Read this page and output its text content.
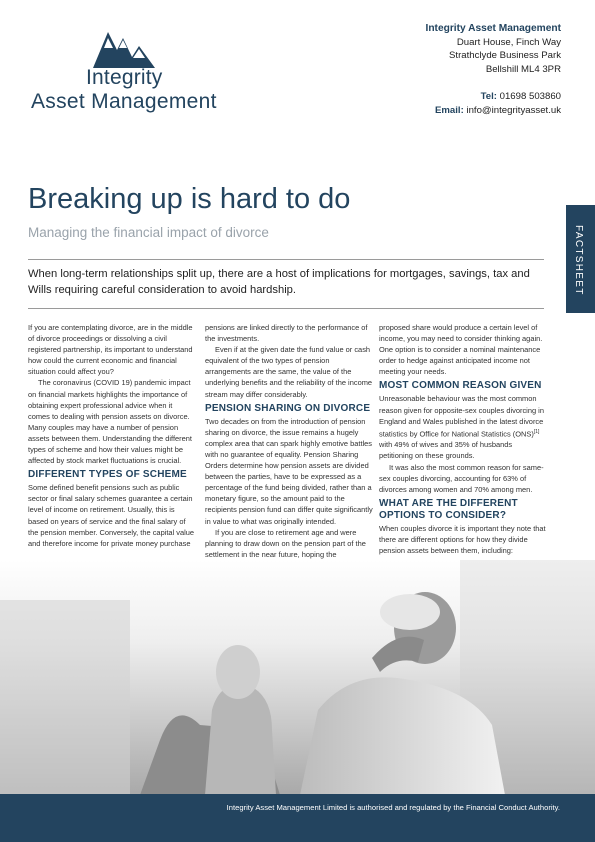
Integrity
Asset Management
Integrity Asset Management
Duart House, Finch Way
Strathclyde Business Park
Bellshill ML4 3PR
Tel: 01698 503860
Email: info@integrityasset.uk
Breaking up is hard to do
Managing the financial impact of divorce	FACTSHEET
When long-term relationships split up, there are a host of implications for mortgages, savings, tax and Wills requiring careful consideration to avoid hardship.

If you are contemplating divorce, are in the middle of divorce proceedings or dissolving a civil registered partnership, its important to understand how could the current economic and financial situation could affect you?

The coronavirus (COVID 19) pandemic impact on financial markets highlights the importance of obtaining expert professional advice when it comes to dealing with pension assets on divorce. Many couples may have a number of pension assets between them. Understanding the different types of scheme and how their values might be affected by stock market fluctuations is crucial.

DIFFERENT TYPES OF SCHEME

Some defined benefit pensions such as public sector or final salary schemes guarantee a certain level of income on retirement. Usually, this is based on years of service and the final salary of the pension member. Conversely, the capital value and therefore income for private money purchase

pensions are linked directly to the performance of the investments.

Even if at the given date the fund value or cash equivalent of the two types of pension arrangements are the same, the value of the underlying benefits and the reliability of the income stream may differ considerably.

PENSION SHARING ON DIVORCE

Two decades on from the introduction of pension sharing on divorce, the issue remains a hugely complex area that can spark highly emotive battles with no guarantee of equality. Pension Sharing Orders determine how pension assets are divided between the parties, have to be expressed as a percentage of the fund being divided, rather than a monetary figure, so the amount paid to the recipients pension fund can differ quite significantly in value to what was originally intended.

If you are close to retirement age and were planning to draw down on the pension part of the settlement in the near future, hoping the

proposed share would produce a certain level of income, you may need to consider thinking again. One option is to consider a nominal maintenance order to hedge against anticipated income not meeting your needs.

MOST COMMON REASON GIVEN

Unreasonable behaviour was the most common reason given for opposite-sex couples divorcing in England and Wales published in the latest divorce statistics by Office for National Statistics (ONS)[1] with 49% of wives and 35% of husbands petitioning on these grounds.

It was also the most common reason for same-sex couples divorcing, accounting for 63% of divorces among women and 70% among men.

WHAT ARE THE DIFFERENT OPTIONS TO CONSIDER?

When couples divorce it is important they note that there are different options for how they divide pension assets between them, including:

Integrity Asset Management Limited is authorised and regulated by the Financial Conduct Authority.
